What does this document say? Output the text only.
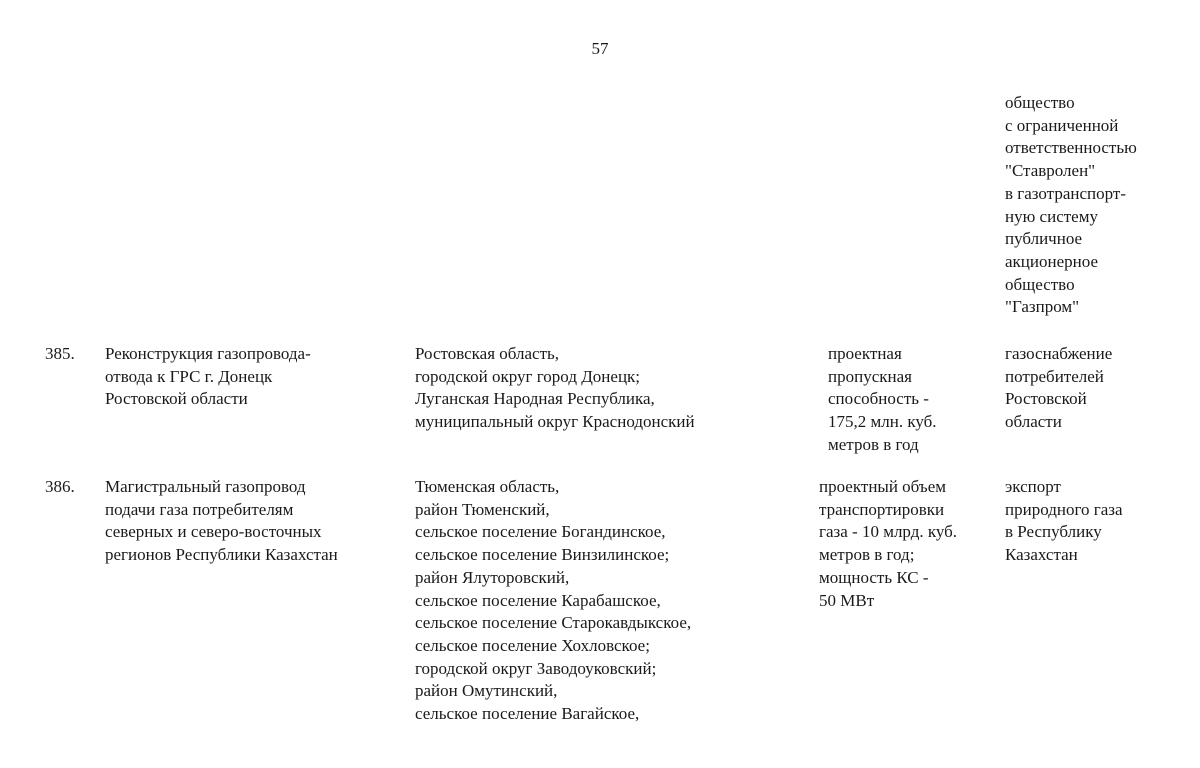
57
общество
с ограниченной
ответственностью
"Ставролен"
в газотранспорт-
ную систему
публичное
акционерное
общество
"Газпром"
385. Реконструкция газопровода-
отвода к ГРС г. Донецк
Ростовской области
Ростовская область,
городской округ город Донецк;
Луганская Народная Республика,
муниципальный округ Краснодонский
проектная
пропускная
способность -
175,2 млн. куб.
метров в год
газоснабжение
потребителей
Ростовской
области
386. Магистральный газопровод
подачи газа потребителям
северных и северо-восточных
регионов Республики Казахстан
Тюменская область,
район Тюменский,
сельское поселение Богандинское,
сельское поселение Винзилинское;
район Ялуторовский,
сельское поселение Карабашское,
сельское поселение Старокавдыкское,
сельское поселение Хохловское;
городской округ Заводоуковский;
район Омутинский,
сельское поселение Вагайское,
проектный объем
транспортировки
газа - 10 млрд. куб.
метров в год;
мощность КС -
50 МВт
экспорт
природного газа
в Республику
Казахстан
